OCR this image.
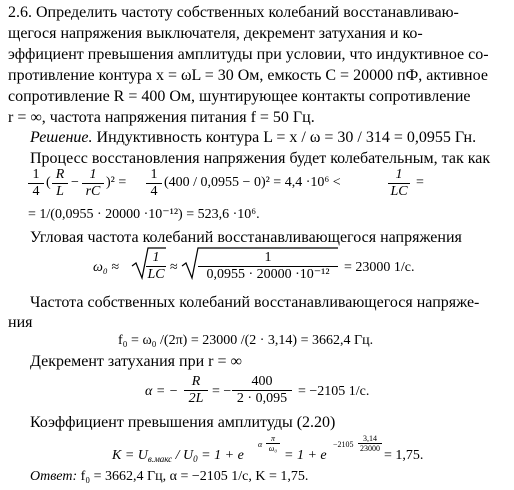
2.6. Определить частоту собственных колебаний восстанавливаю-
щегося напряжения выключателя, декремент затухания и ко-
эффициент превышения амплитуды при условии, что индуктивное со-
противление контура x = ωL = 30 Ом, емкость C = 20000 пФ, активное
сопротивление R = 400 Ом, шунтирующее контакты сопротивление
r = ∞, частота напряжения питания f = 50 Гц.
Решение. Индуктивность контура L = x / ω = 30 / 314 = 0,0955 Гн.
Процесс восстановления напряжения будет колебательным, так как
$\frac{1}{4}$ ( $\frac{R}{L} - \frac{1}{rC} )^2 = \frac{1}{4} (400 / 0,0955 - 0)^2 = 4,4 \cdot 10^6$ <	$\frac{1}{LC}$ =
= 1/(0,0955 · 20000 ·10⁻¹²) = 523,6 ·10⁶.
Угловая частота колебаний восстанавливающегося напряжения
$\omega_0 \approx \frac{1}{LC} \approx \frac{1}{\text{0,0955 · 20000 ·10⁻¹²}} = 23000$ 1/с.
Частота собственных колебаний восстанавливающегося напряже-
ния
f₀ = ω₀ /(2π) = 23000 /(2 · 3,14) = 3662,4 Гц.
Декремент затухания при r = ∞
α = − $\frac{R}{2L}$ = − $\frac{400}{2 \cdot 0,095} = -2105$ 1/с.
Коэффициент превышения амплитуды (2.20)
$K = U_{в.макс} / U_0 = 1 + e$
α $\frac{\pi}{\text{ω₀}}$
= 1 + e
$-2105 \frac{3,14}{23000}$
= 1,75.
Ответ: f₀ = 3662,4 Гц, α = −2105 1/с, K = 1,75.
